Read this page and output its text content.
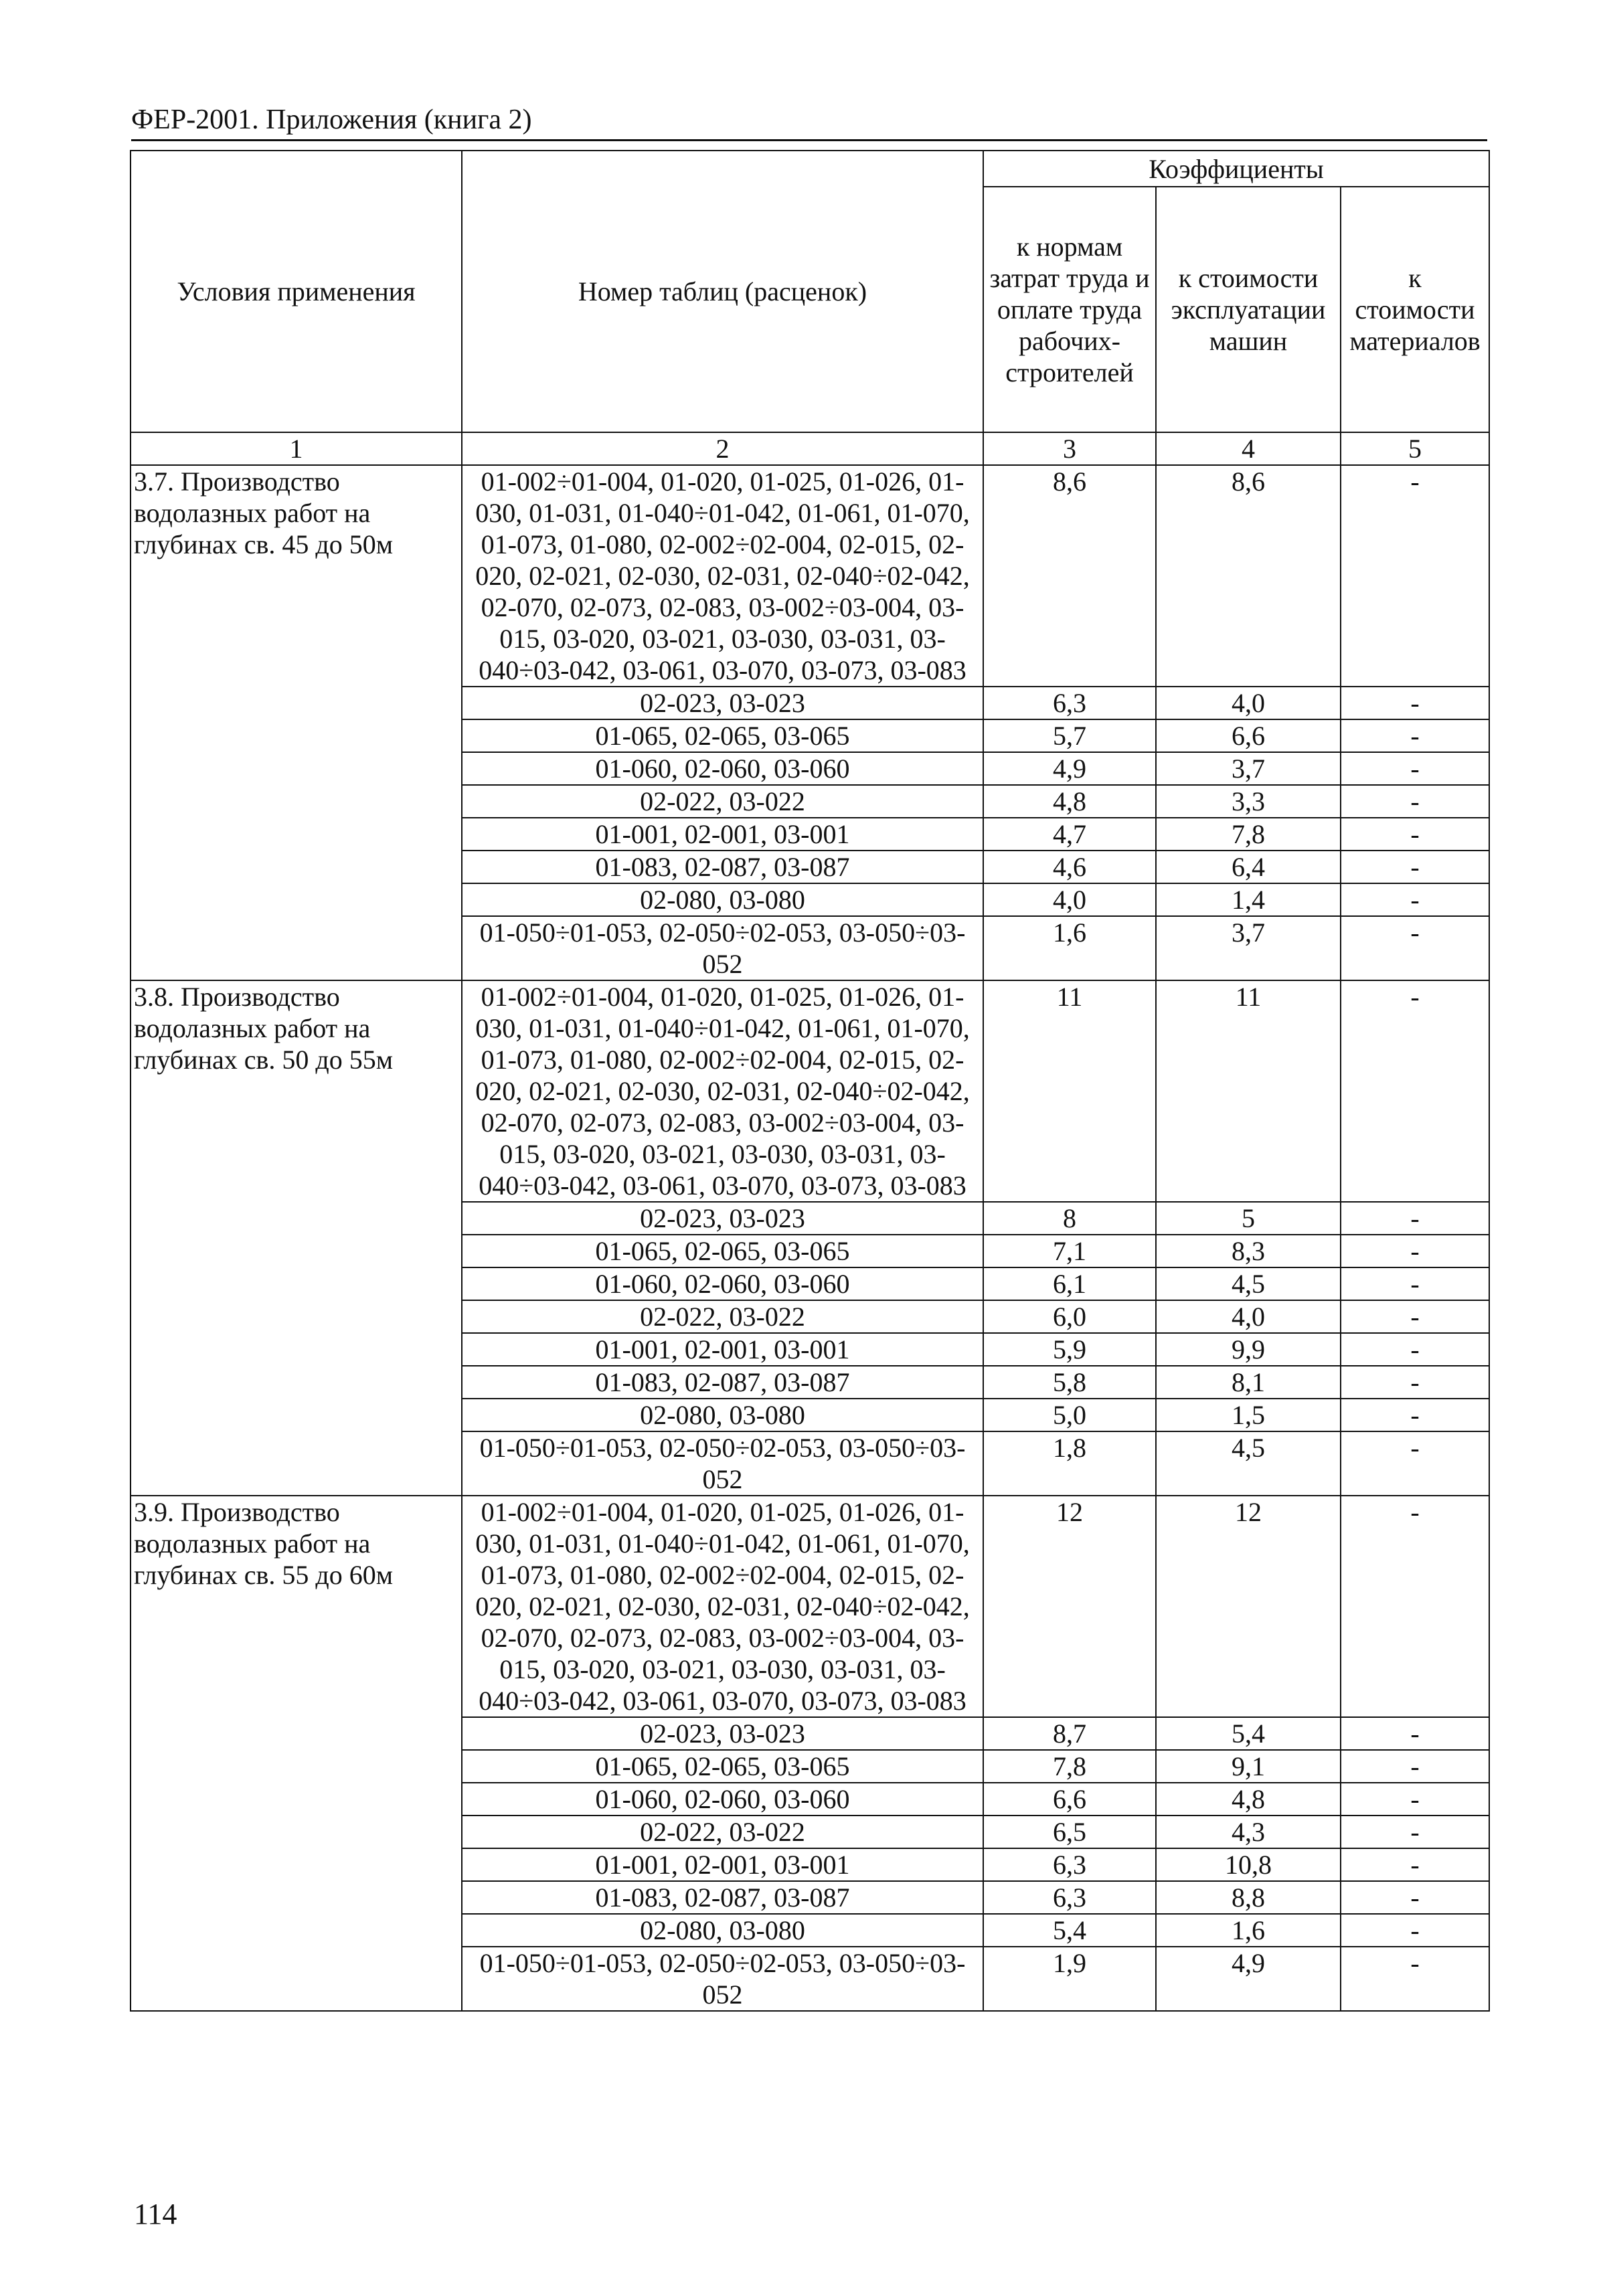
ФЕР-2001. Приложения (книга 2)
Условия применения	Номер таблиц (расценок)	Коэффициенты		
		к нормам затрат труда и оплате труда рабочих-строителей	к стоимости эксплуатации машин	к стоимости материалов
1	2	3	4	5
3.7. Производство водолазных работ на глубинах св. 45 до 50м	01-002÷01-004, 01-020, 01-025, 01-026, 01-030, 01-031, 01-040÷01-042, 01-061, 01-070, 01-073, 01-080, 02-002÷02-004, 02-015, 02-020, 02-021, 02-030, 02-031, 02-040÷02-042, 02-070, 02-073, 02-083, 03-002÷03-004, 03-015, 03-020, 03-021, 03-030, 03-031, 03-040÷03-042, 03-061, 03-070, 03-073, 03-083	8,6	8,6	-
	02-023, 03-023	6,3	4,0	-
	01-065, 02-065, 03-065	5,7	6,6	-
	01-060, 02-060, 03-060	4,9	3,7	-
	02-022, 03-022	4,8	3,3	-
	01-001, 02-001, 03-001	4,7	7,8	-
	01-083, 02-087, 03-087	4,6	6,4	-
	02-080, 03-080	4,0	1,4	-
	01-050÷01-053, 02-050÷02-053, 03-050÷03-052	1,6	3,7	-
3.8. Производство водолазных работ на глубинах св. 50 до 55м	01-002÷01-004, 01-020, 01-025, 01-026, 01-030, 01-031, 01-040÷01-042, 01-061, 01-070, 01-073, 01-080, 02-002÷02-004, 02-015, 02-020, 02-021, 02-030, 02-031, 02-040÷02-042, 02-070, 02-073, 02-083, 03-002÷03-004, 03-015, 03-020, 03-021, 03-030, 03-031, 03-040÷03-042, 03-061, 03-070, 03-073, 03-083	11	11	-
	02-023, 03-023	8	5	-
	01-065, 02-065, 03-065	7,1	8,3	-
	01-060, 02-060, 03-060	6,1	4,5	-
	02-022, 03-022	6,0	4,0	-
	01-001, 02-001, 03-001	5,9	9,9	-
	01-083, 02-087, 03-087	5,8	8,1	-
	02-080, 03-080	5,0	1,5	-
	01-050÷01-053, 02-050÷02-053, 03-050÷03-052	1,8	4,5	-
3.9. Производство водолазных работ на глубинах св. 55 до 60м	01-002÷01-004, 01-020, 01-025, 01-026, 01-030, 01-031, 01-040÷01-042, 01-061, 01-070, 01-073, 01-080, 02-002÷02-004, 02-015, 02-020, 02-021, 02-030, 02-031, 02-040÷02-042, 02-070, 02-073, 02-083, 03-002÷03-004, 03-015, 03-020, 03-021, 03-030, 03-031, 03-040÷03-042, 03-061, 03-070, 03-073, 03-083	12	12	-
	02-023, 03-023	8,7	5,4	-
	01-065, 02-065, 03-065	7,8	9,1	-
	01-060, 02-060, 03-060	6,6	4,8	-
	02-022, 03-022	6,5	4,3	-
	01-001, 02-001, 03-001	6,3	10,8	-
	01-083, 02-087, 03-087	6,3	8,8	-
	02-080, 03-080	5,4	1,6	-
	01-050÷01-053, 02-050÷02-053, 03-050÷03-052	1,9	4,9	-
114
